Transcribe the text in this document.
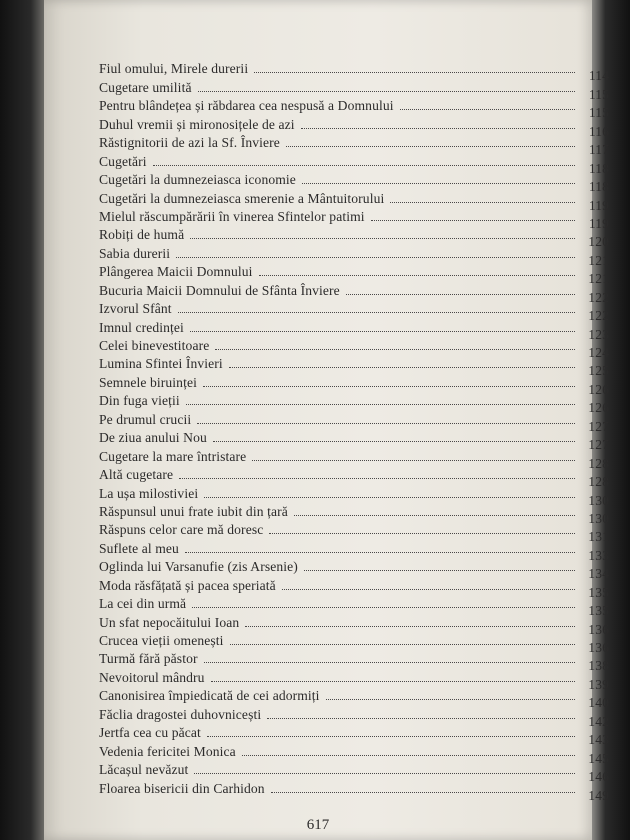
Fiul omului, Mirele durerii
Cugetare umilită
114
Pentru blândețea și răbdarea cea nespusă a Domnului
115
Duhul vremii și mironosițele de azi
115
Răstignitorii de azi la Sf. Înviere
116
Cugetări
117
Cugetări la dumnezeiasca iconomie
118
Cugetări la dumnezeiasca smerenie a Mântuitorului
118
Mielul răscumpărării în vinerea Sfintelor patimi
119
Robiți de humă
119
Sabia durerii
120
Plângerea Maicii Domnului
121
Bucuria Maicii Domnului de Sfânta Înviere
121
Izvorul Sfânt
122
Imnul credinței
122
Celei binevestitoare
123
Lumina Sfintei Învieri
124
Semnele biruinței
125
Din fuga vieții
126
Pe drumul crucii
126
De ziua anului Nou
127
Cugetare la mare întristare
127
Altă cugetare
128
La ușa milostiviei
128
Răspunsul unui frate iubit din țară
130
Răspuns celor care mă doresc
130
Suflete al meu
131
Oglinda lui Varsanufie (zis Arsenie)
133
Moda răsfățată și pacea speriată
134
La cei din urmă
135
Un sfat nepocăitului Ioan
135
Crucea vieții omenești
136
Turmă fără păstor
136
Nevoitorul mândru
138
Canonisirea împiedicată de cei adormiți
139
Făclia dragostei duhovnicești
140
Jertfa cea cu păcat
142
Vedenia fericitei Monica
143
Lăcașul nevăzut
145
Floarea bisericii din Carhidon
146
149
617
